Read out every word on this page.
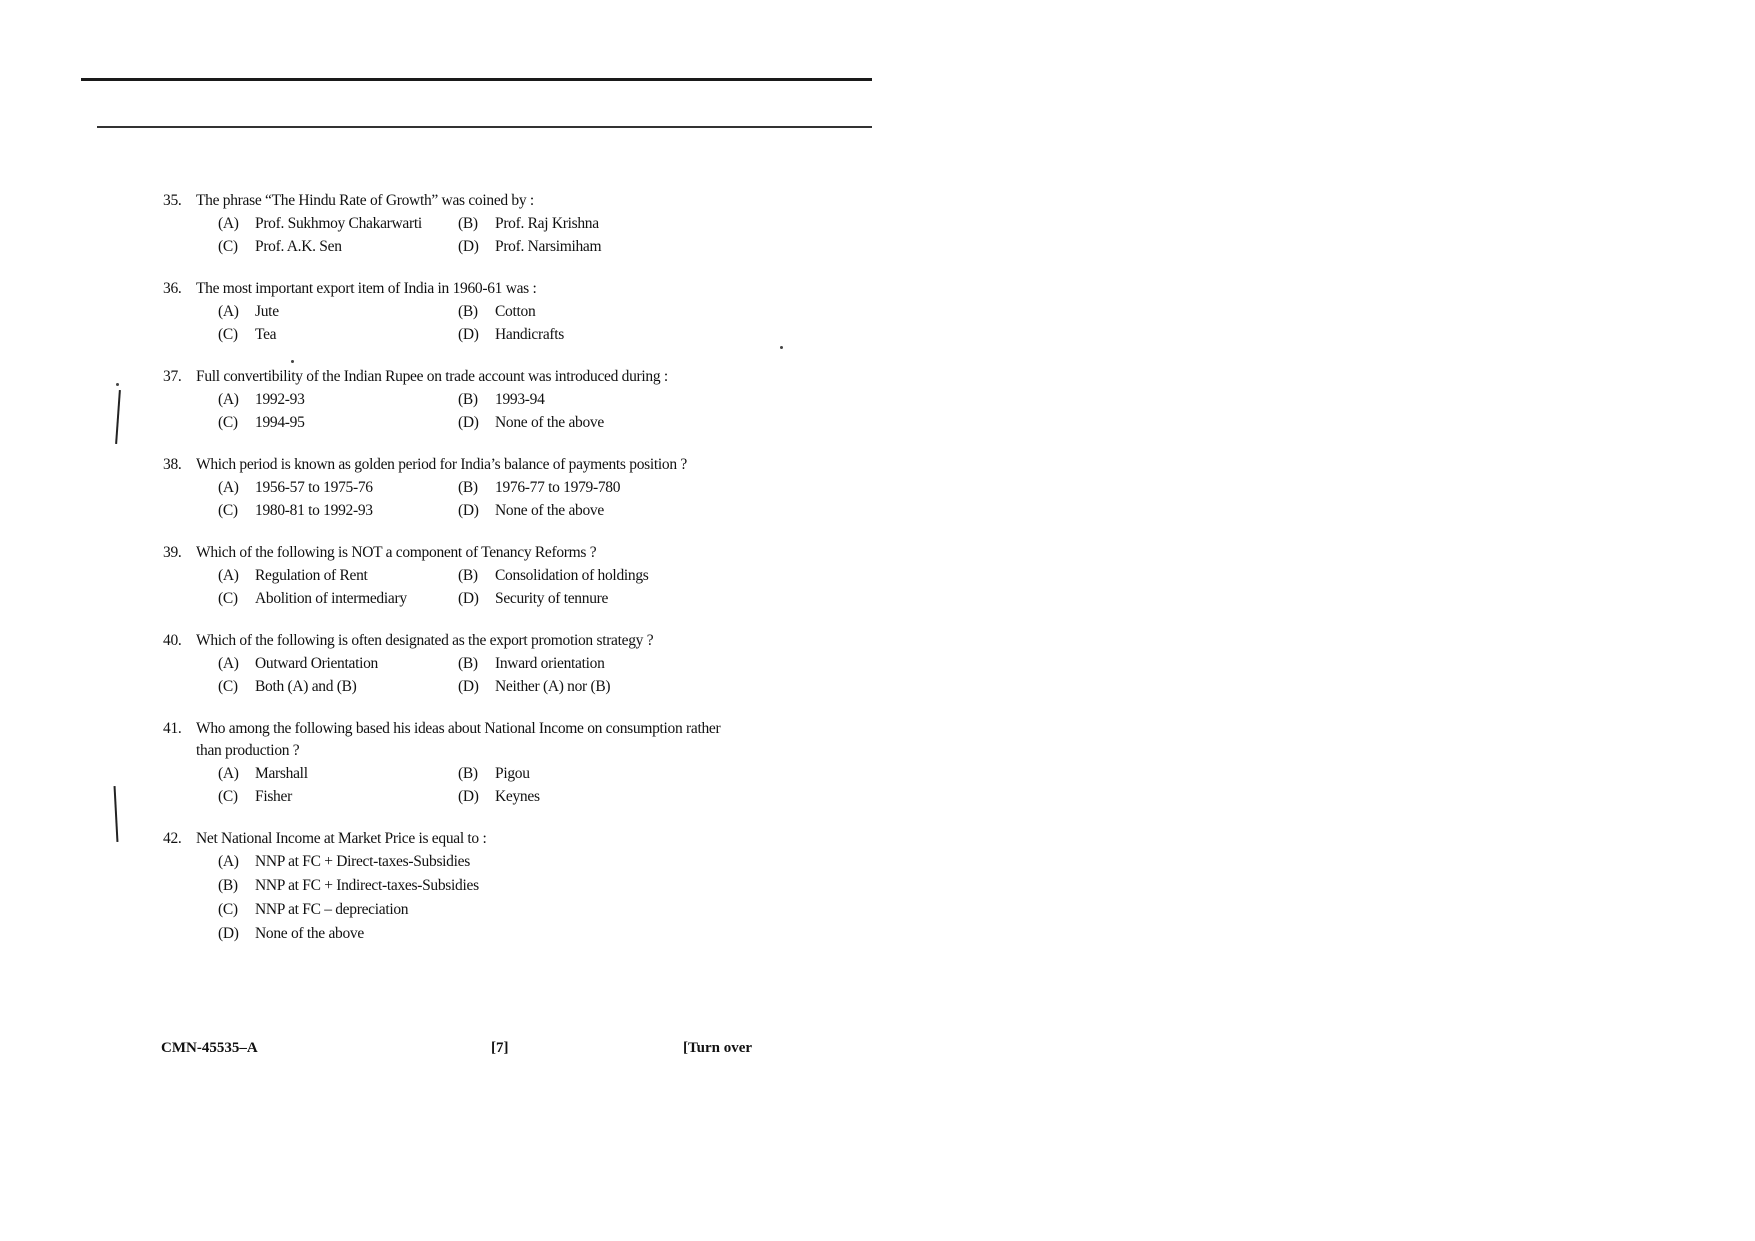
35. The phrase “The Hindu Rate of Growth” was coined by :
(A)	Prof. Sukhmoy Chakarwarti (B)	Prof. Raj Krishna
(C)	Prof. A.K. Sen	(D)	Prof. Narsimiham
36. The most important export item of India in 1960-61 was :
(A)	Jute	(B)	Cotton
(C)	Tea	(D)	Handicrafts
37. Full convertibility of the Indian Rupee on trade account was introduced during :
(A)	1992-93	(B)	1993-94
(C)	1994-95	(D)	None of the above
38. Which period is known as golden period for India’s balance of payments position ?
(A)	1956-57 to 1975-76	(B)	1976-77 to 1979-780
(C)	1980-81 to 1992-93	(D)	None of the above
39. Which of the following is NOT a component of Tenancy Reforms ?
(A)	Regulation of Rent	(B)	Consolidation of holdings
(C)	Abolition of intermediary	(D)	Security of tennure
40. Which of the following is often designated as the export promotion strategy ?
(A)	Outward Orientation	(B)	Inward orientation
(C)	Both (A) and (B)	(D)	Neither (A) nor (B)
41. Who among the following based his ideas about National Income on consumption rather than production ?
(A)	Marshall	(B)	Pigou
(C)	Fisher	(D)	Keynes
42. Net National Income at Market Price is equal to :
(A)	NNP at FC + Direct-taxes-Subsidies
(B)	NNP at FC + Indirect-taxes-Subsidies
(C)	NNP at FC – depreciation
(D)	None of the above
CMN-45535–A	[7]	[Turn over
